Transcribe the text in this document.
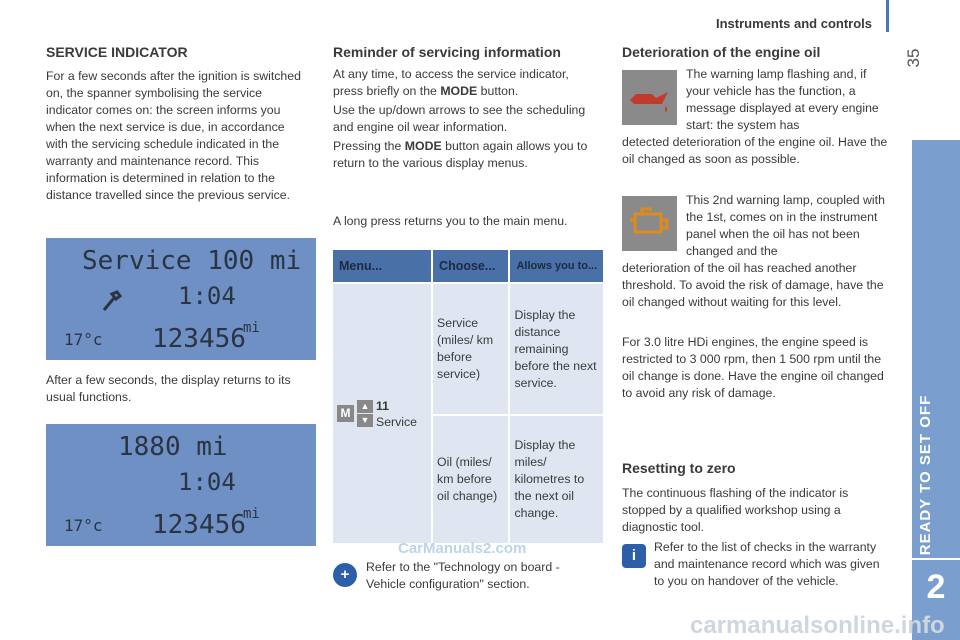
Instruments and controls
35
READY TO SET OFF
2
SERVICE INDICATOR

For a few seconds after the ignition is switched on, the spanner symbolising the service indicator comes on: the screen informs you when the next service is due, in accordance with the servicing schedule indicated in the warranty and maintenance record. This information is determined in relation to the distance travelled since the previous service.

Service 100 mi
1:04
17°c 123456
mi

After a few seconds, the display returns to its usual functions.

1880 mi
1:04
17°c 123456
mi
Reminder of servicing information

At any time, to access the service indicator, press briefly on the MODE button.

Use the up/down arrows to see the scheduling and engine oil wear information.

Pressing the MODE button again allows you to return to the various display menus.

A long press returns you to the main menu.

Menu...	Choose...	Allows you to...

M ▲
▼
11
Service	Service (miles/ km before service)	Display the distance remaining before the next service.
	Oil (miles/ km before oil change)	Display the miles/ kilometres to the next oil change.
CarManuals2.com
+	Refer to the "Technology on board - Vehicle configuration" section.

Deterioration of the engine oil

The warning lamp flashing and, if your vehicle has the function, a message displayed at every engine start: the system has

detected deterioration of the engine oil. Have the oil changed as soon as possible.

This 2nd warning lamp, coupled with the 1st, comes on in the instrument panel when the oil has not been changed and the

deterioration of the oil has reached another threshold. To avoid the risk of damage, have the oil changed without waiting for this level.

For 3.0 litre HDi engines, the engine speed is restricted to 3 000 rpm, then 1 500 rpm until the oil change is done. Have the engine oil changed to avoid any risk of damage.

Resetting to zero

The continuous flashing of the indicator is stopped by a qualified workshop using a diagnostic tool.

i	Refer to the list of checks in the warranty and maintenance record which was given to you on handover of the vehicle.

carmanualsonline.info
